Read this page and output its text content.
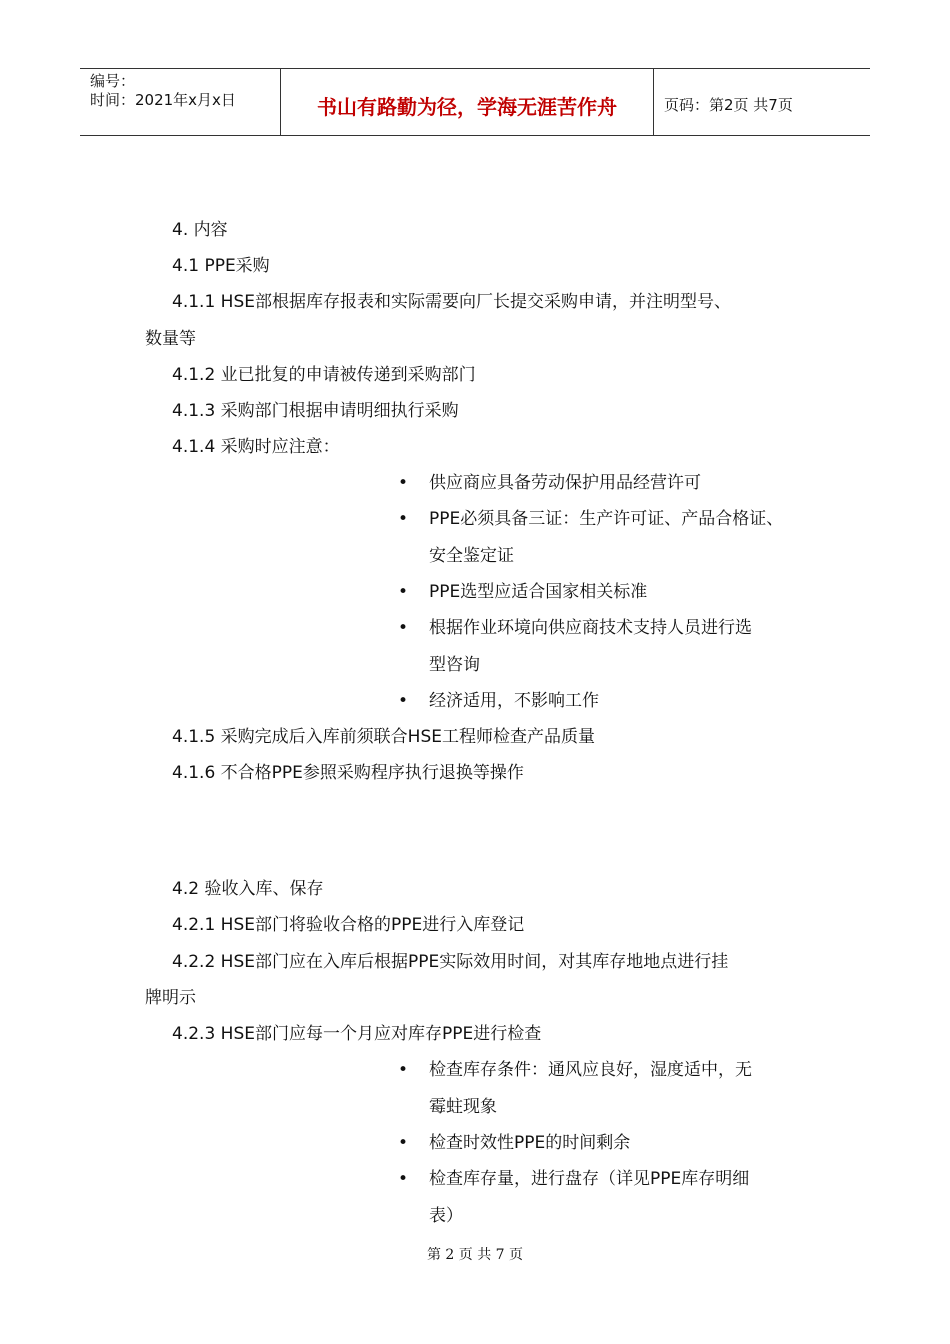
编号：
时间：2021年x月x日	书山有路勤为径，学海无涯苦作舟	页码：第2页 共7页
4. 内容
4.1 PPE采购
4.1.1 HSE部根据库存报表和实际需要向厂长提交采购申请，并注明型号、
数量等
4.1.2 业已批复的申请被传递到采购部门
4.1.3 采购部门根据申请明细执行采购
4.1.4 采购时应注意：
• 供应商应具备劳动保护用品经营许可
• PPE必须具备三证：生产许可证、产品合格证、
安全鉴定证
• PPE选型应适合国家相关标准
• 根据作业环境向供应商技术支持人员进行选
型咨询
• 经济适用，不影响工作
4.1.5 采购完成后入库前须联合HSE工程师检查产品质量
4.1.6 不合格PPE参照采购程序执行退换等操作
4.2 验收入库、保存
4.2.1 HSE部门将验收合格的PPE进行入库登记
4.2.2 HSE部门应在入库后根据PPE实际效用时间，对其库存地地点进行挂
牌明示
4.2.3 HSE部门应每一个月应对库存PPE进行检查
• 检查库存条件：通风应良好，湿度适中，无
霉蛀现象
• 检查时效性PPE的时间剩余
• 检查库存量，进行盘存（详见PPE库存明细
表）
第 2 页 共 7 页
